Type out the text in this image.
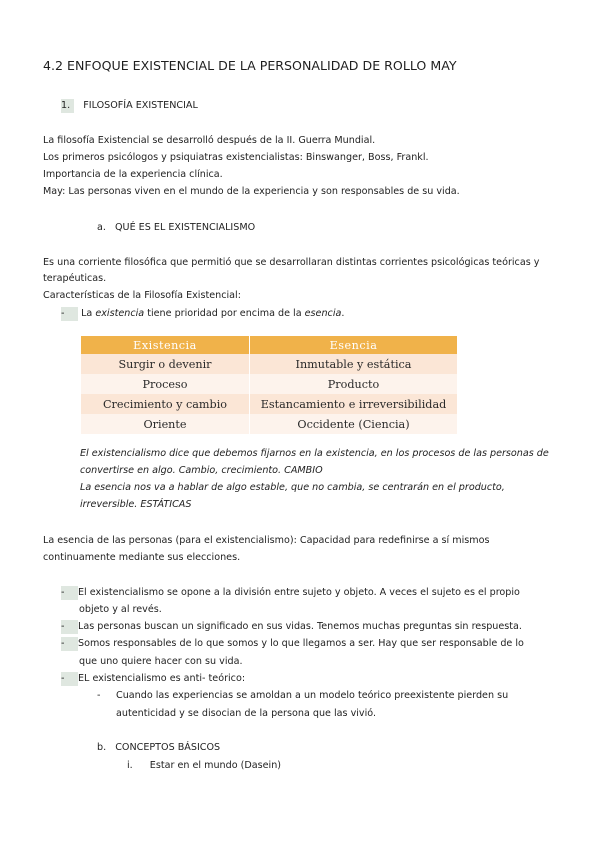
4.2 ENFOQUE EXISTENCIAL DE LA PERSONALIDAD DE ROLLO MAY
1. FILOSOFÍA EXISTENCIAL
La filosofía Existencial se desarrolló después de la II. Guerra Mundial.
Los primeros psicólogos y psiquiatras existencialistas: Binswanger, Boss, Frankl.
Importancia de la experiencia clínica.
May: Las personas viven en el mundo de la experiencia y son responsables de su vida.
a. QUÉ ES EL EXISTENCIALISMO
Es una corriente filosófica que permitió que se desarrollaran distintas corrientes psicológicas teóricas y
terapéuticas.
Características de la Filosofía Existencial:
- La existencia tiene prioridad por encima de la esencia.
Existencia	Esencia
Surgir o devenir	Inmutable y estática
Proceso	Producto
Crecimiento y cambio	Estancamiento e irreversibilidad
Oriente	Occidente (Ciencia)
El existencialismo dice que debemos fijarnos en la existencia, en los procesos de las personas de
convertirse en algo. Cambio, crecimiento. CAMBIO
La esencia nos va a hablar de algo estable, que no cambia, se centrarán en el producto,
irreversible. ESTÁTICAS
La esencia de las personas (para el existencialismo): Capacidad para redefinirse a sí mismos
continuamente mediante sus elecciones.
- El existencialismo se opone a la división entre sujeto y objeto. A veces el sujeto es el propio
objeto y al revés.
- Las personas buscan un significado en sus vidas. Tenemos muchas preguntas sin respuesta.
- Somos responsables de lo que somos y lo que llegamos a ser. Hay que ser responsable de lo
que uno quiere hacer con su vida.
- EL existencialismo es anti- teórico:
- Cuando las experiencias se amoldan a un modelo teórico preexistente pierden su
autenticidad y se disocian de la persona que las vivió.
b. CONCEPTOS BÁSICOS
i. Estar en el mundo (Dasein)
